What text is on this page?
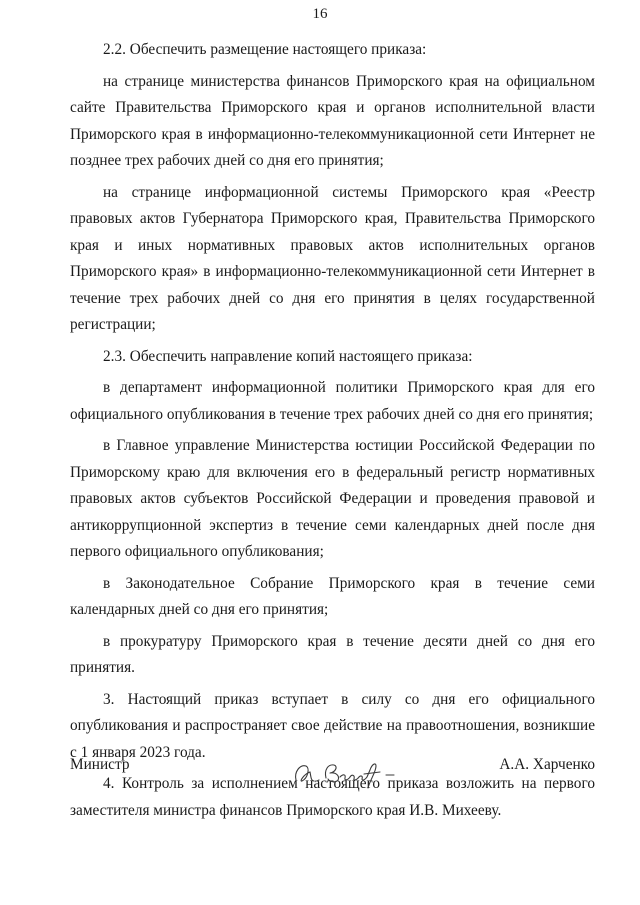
16

2.2. Обеспечить размещение настоящего приказа:

на странице министерства финансов Приморского края на официальном сайте Правительства Приморского края и органов исполнительной власти Приморского края в информационно-телекоммуникационной сети Интернет не позднее трех рабочих дней со дня его принятия;

на странице информационной системы Приморского края «Реестр правовых актов Губернатора Приморского края, Правительства Приморского края и иных нормативных правовых актов исполнительных органов Приморского края» в информационно-телекоммуникационной сети Интернет в течение трех рабочих дней со дня его принятия в целях государственной регистрации;

2.3. Обеспечить направление копий настоящего приказа:

в департамент информационной политики Приморского края для его официального опубликования в течение трех рабочих дней со дня его принятия;

в Главное управление Министерства юстиции Российской Федерации по Приморскому краю для включения его в федеральный регистр нормативных правовых актов субъектов Российской Федерации и проведения правовой и антикоррупционной экспертиз в течение семи календарных дней после дня первого официального опубликования;

в Законодательное Собрание Приморского края в течение семи календарных дней со дня его принятия;

в прокуратуру Приморского края в течение десяти дней со дня его принятия.

3. Настоящий приказ вступает в силу со дня его официального опубликования и распространяет свое действие на правоотношения, возникшие с 1 января 2023 года.

4. Контроль за исполнением настоящего приказа возложить на первого заместителя министра финансов Приморского края И.В. Михееву.

Министр	А.А. Харченко
